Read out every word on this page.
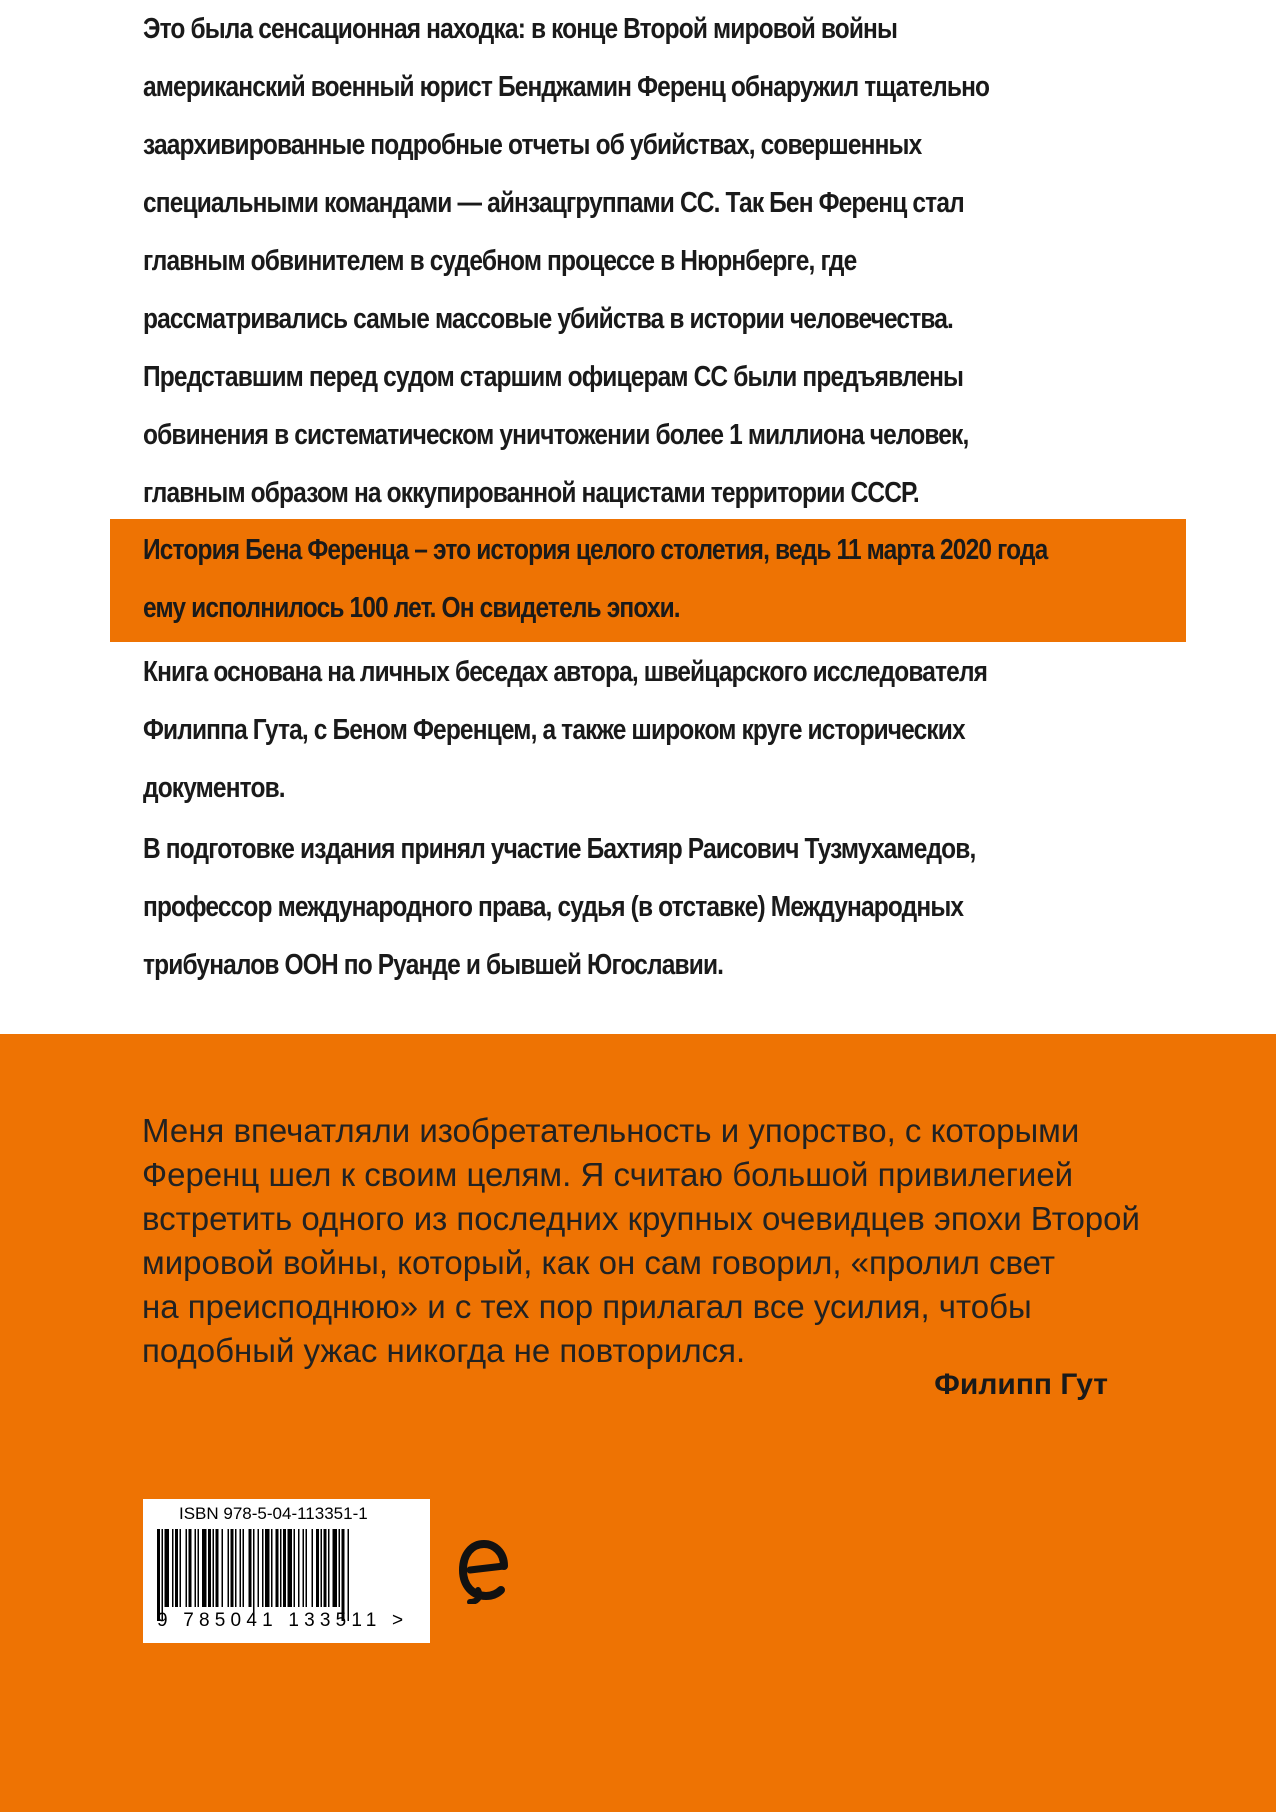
Это была сенсационная находка: в конце Второй мировой войны
американский военный юрист Бенджамин Ференц обнаружил тщательно
заархивированные подробные отчеты об убийствах, совершенных
специальными командами — айнзацгруппами СС. Так Бен Ференц стал
главным обвинителем в судебном процессе в Нюрнберге, где
рассматривались самые массовые убийства в истории человечества.
Представшим перед судом старшим офицерам СС были предъявлены
обвинения в систематическом уничтожении более 1 миллиона человек,
главным образом на оккупированной нацистами территории СССР.
История Бена Ференца – это история целого столетия, ведь 11 марта 2020 года
ему исполнилось 100 лет. Он свидетель эпохи.
Книга основана на личных беседах автора, швейцарского исследователя
Филиппа Гута, с Беном Ференцем, а также широком круге исторических
документов.
В подготовке издания принял участие Бахтияр Раисович Тузмухамедов,
профессор международного права, судья (в отставке) Международных
трибуналов ООН по Руанде и бывшей Югославии.
Меня впечатляли изобретательность и упорство, с которыми
Ференц шел к своим целям. Я считаю большой привилегией
встретить одного из последних крупных очевидцев эпохи Второй
мировой войны, который, как он сам говорил, «пролил свет
на преисподнюю» и с тех пор прилагал все усилия, чтобы
подобный ужас никогда не повторился.
Филипп Гут
ISBN 978-5-04-113351-1
9 785041 133511 >
